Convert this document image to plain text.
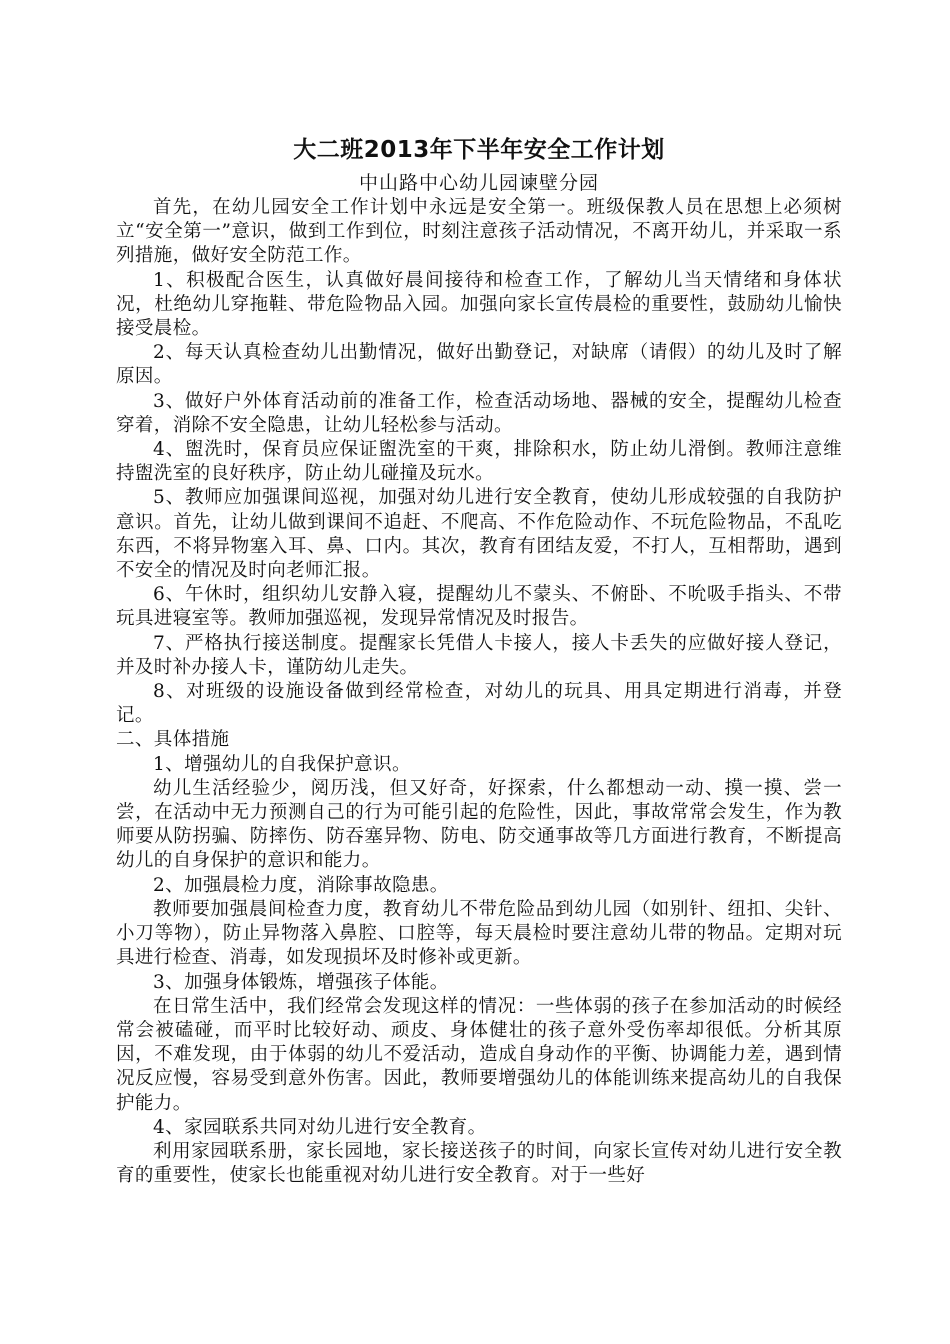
大二班2013年下半年安全工作计划

中山路中心幼儿园谏壁分园

首先，在幼儿园安全工作计划中永远是安全第一。班级保教人员在思想上必须树立“安全第一”意识，做到工作到位，时刻注意孩子活动情况，不离开幼儿，并采取一系列措施，做好安全防范工作。

1、积极配合医生，认真做好晨间接待和检查工作，了解幼儿当天情绪和身体状况，杜绝幼儿穿拖鞋、带危险物品入园。加强向家长宣传晨检的重要性，鼓励幼儿愉快接受晨检。

2、每天认真检查幼儿出勤情况，做好出勤登记，对缺席（请假）的幼儿及时了解原因。

3、做好户外体育活动前的准备工作，检查活动场地、器械的安全，提醒幼儿检查穿着，消除不安全隐患，让幼儿轻松参与活动。

4、盥洗时，保育员应保证盥洗室的干爽，排除积水，防止幼儿滑倒。教师注意维持盥洗室的良好秩序，防止幼儿碰撞及玩水。

5、教师应加强课间巡视，加强对幼儿进行安全教育，使幼儿形成较强的自我防护意识。首先，让幼儿做到课间不追赶、不爬高、不作危险动作、不玩危险物品，不乱吃东西，不将异物塞入耳、鼻、口内。其次，教育有团结友爱，不打人，互相帮助，遇到不安全的情况及时向老师汇报。

6、午休时，组织幼儿安静入寝，提醒幼儿不蒙头、不俯卧、不吮吸手指头、不带玩具进寝室等。教师加强巡视，发现异常情况及时报告。

7、严格执行接送制度。提醒家长凭借人卡接人，接人卡丢失的应做好接人登记，并及时补办接人卡，谨防幼儿走失。

8、对班级的设施设备做到经常检查，对幼儿的玩具、用具定期进行消毒，并登记。

二、具体措施

1、增强幼儿的自我保护意识。

幼儿生活经验少，阅历浅，但又好奇，好探索，什么都想动一动、摸一摸、尝一尝，在活动中无力预测自己的行为可能引起的危险性，因此，事故常常会发生，作为教师要从防拐骗、防摔伤、防吞塞异物、防电、防交通事故等几方面进行教育，不断提高幼儿的自身保护的意识和能力。

2、加强晨检力度，消除事故隐患。

教师要加强晨间检查力度，教育幼儿不带危险品到幼儿园（如别针、纽扣、尖针、小刀等物），防止异物落入鼻腔、口腔等，每天晨检时要注意幼儿带的物品。定期对玩具进行检查、消毒，如发现损坏及时修补或更新。

3、加强身体锻炼，增强孩子体能。

在日常生活中，我们经常会发现这样的情况：一些体弱的孩子在参加活动的时候经常会被磕碰，而平时比较好动、顽皮、身体健壮的孩子意外受伤率却很低。分析其原因，不难发现，由于体弱的幼儿不爱活动，造成自身动作的平衡、协调能力差，遇到情况反应慢，容易受到意外伤害。因此，教师要增强幼儿的体能训练来提高幼儿的自我保护能力。

4、家园联系共同对幼儿进行安全教育。

利用家园联系册，家长园地，家长接送孩子的时间，向家长宣传对幼儿进行安全教育的重要性，使家长也能重视对幼儿进行安全教育。对于一些好
